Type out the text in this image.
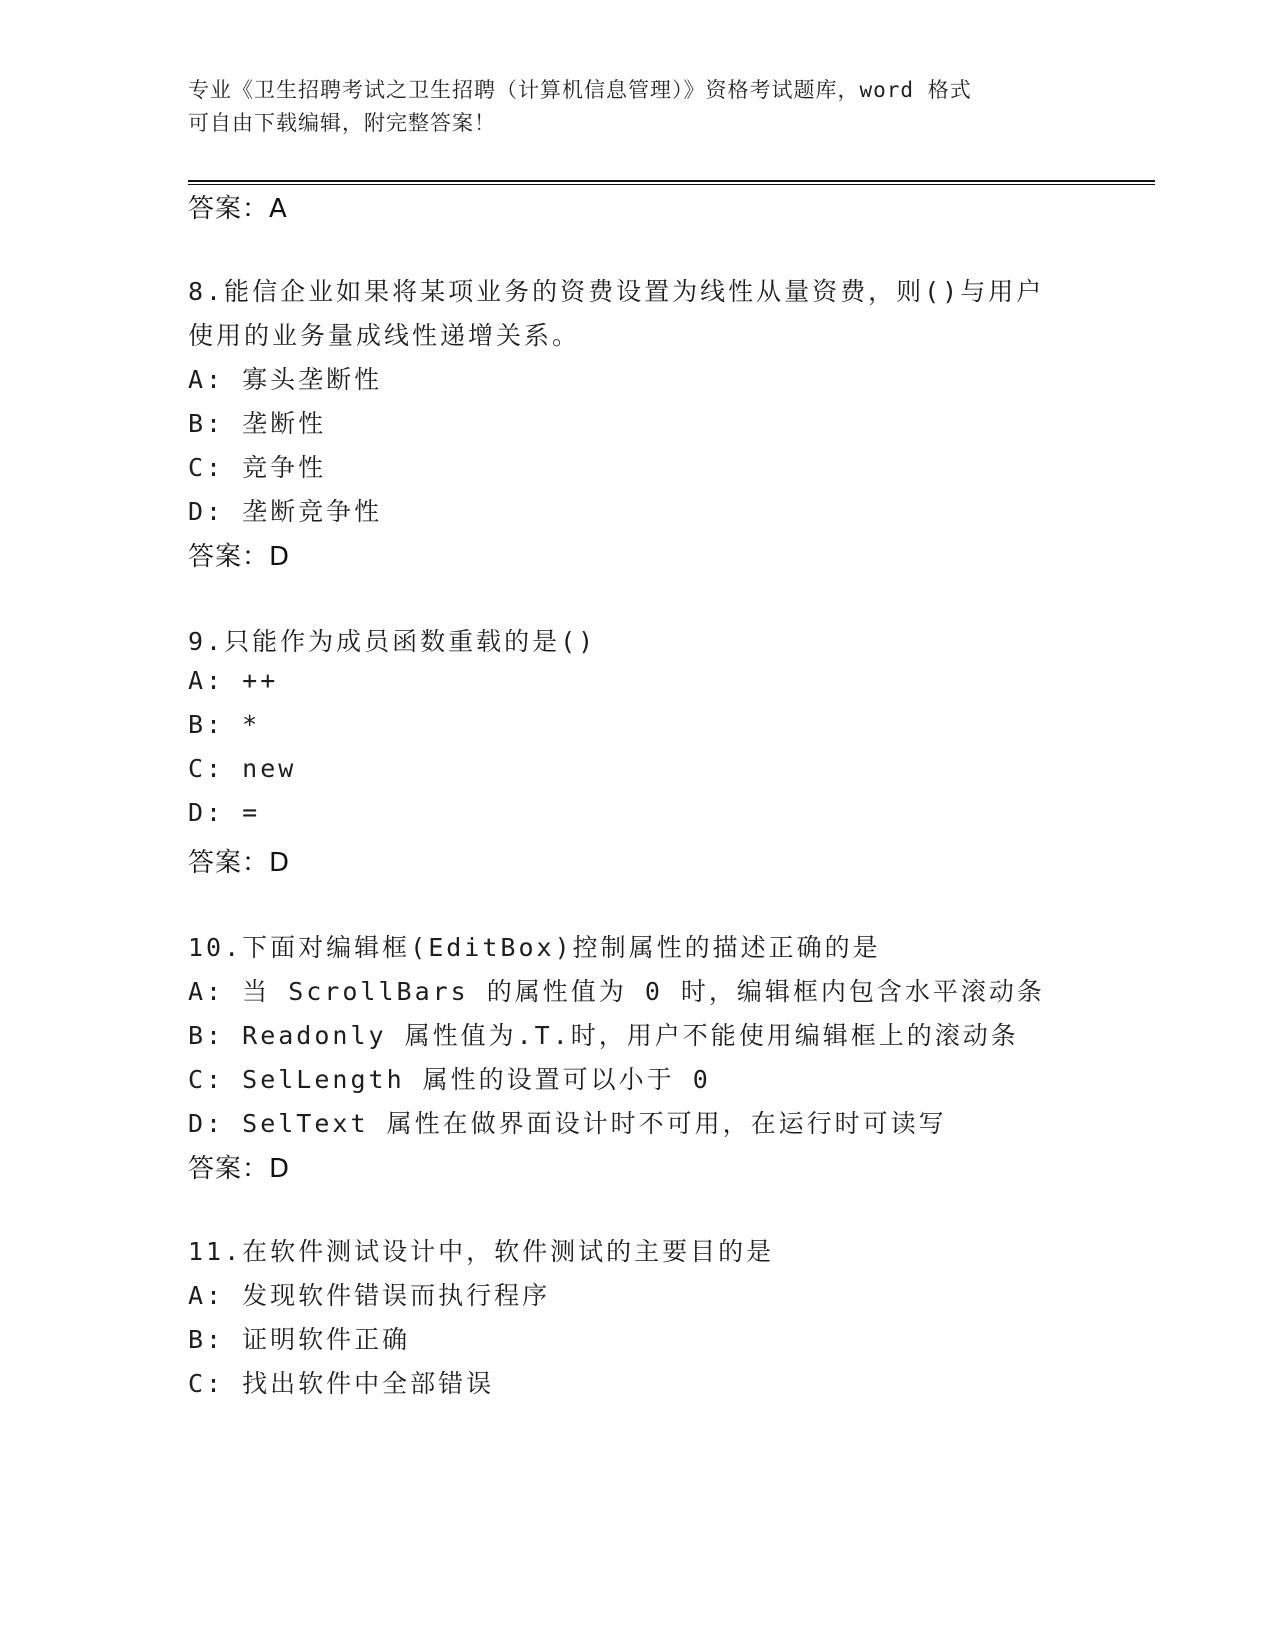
专业《卫生招聘考试之卫生招聘（计算机信息管理）》资格考试题库，word 格式
可自由下载编辑，附完整答案！
答案：A
8.能信企业如果将某项业务的资费设置为线性从量资费，则()与用户
使用的业务量成线性递增关系。
A: 寡头垄断性
B: 垄断性
C: 竞争性
D: 垄断竞争性
答案：D
9.只能作为成员函数重载的是()
A: ++
B: *
C: new
D: =
答案：D
10.下面对编辑框(EditBox)控制属性的描述正确的是
A: 当 ScrollBars 的属性值为 0 时，编辑框内包含水平滚动条
B: Readonly 属性值为.T.时，用户不能使用编辑框上的滚动条
C: SelLength 属性的设置可以小于 0
D: SelText 属性在做界面设计时不可用，在运行时可读写
答案：D
11.在软件测试设计中，软件测试的主要目的是
A: 发现软件错误而执行程序
B: 证明软件正确
C: 找出软件中全部错误
